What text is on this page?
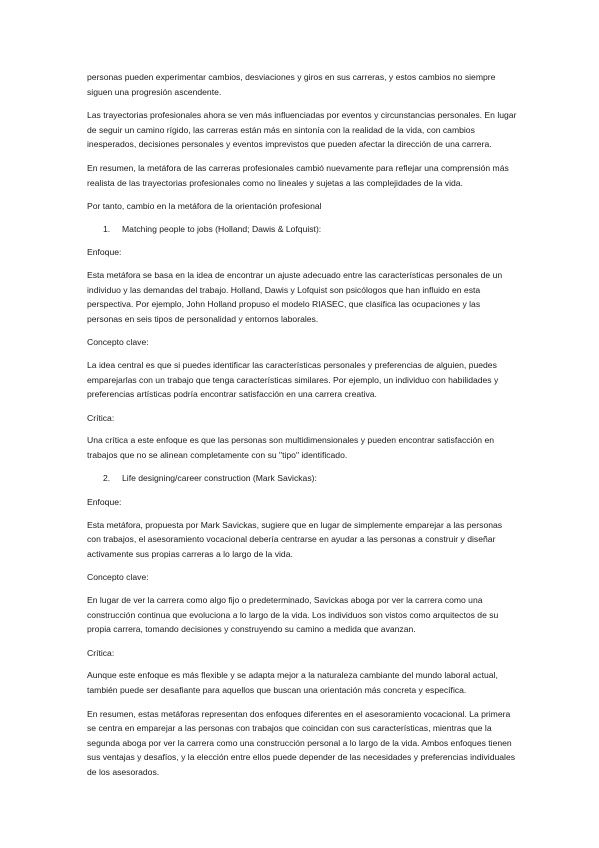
personas pueden experimentar cambios, desviaciones y giros en sus carreras, y estos cambios no siempre siguen una progresión ascendente.

Las trayectorias profesionales ahora se ven más influenciadas por eventos y circunstancias personales. En lugar de seguir un camino rígido, las carreras están más en sintonía con la realidad de la vida, con cambios inesperados, decisiones personales y eventos imprevistos que pueden afectar la dirección de una carrera.

En resumen, la metáfora de las carreras profesionales cambió nuevamente para reflejar una comprensión más realista de las trayectorias profesionales como no lineales y sujetas a las complejidades de la vida.

Por tanto, cambio en la metáfora de la orientación profesional

1. Matching people to jobs (Holland; Dawis & Lofquist):

Enfoque:

Esta metáfora se basa en la idea de encontrar un ajuste adecuado entre las características personales de un individuo y las demandas del trabajo. Holland, Dawis y Lofquist son psicólogos que han influido en esta perspectiva. Por ejemplo, John Holland propuso el modelo RIASEC, que clasifica las ocupaciones y las personas en seis tipos de personalidad y entornos laborales.

Concepto clave:

La idea central es que si puedes identificar las características personales y preferencias de alguien, puedes emparejarlas con un trabajo que tenga características similares. Por ejemplo, un individuo con habilidades y preferencias artísticas podría encontrar satisfacción en una carrera creativa.

Crítica:

Una crítica a este enfoque es que las personas son multidimensionales y pueden encontrar satisfacción en trabajos que no se alinean completamente con su "tipo" identificado.

2. Life designing/career construction (Mark Savickas):

Enfoque:

Esta metáfora, propuesta por Mark Savickas, sugiere que en lugar de simplemente emparejar a las personas con trabajos, el asesoramiento vocacional debería centrarse en ayudar a las personas a construir y diseñar activamente sus propias carreras a lo largo de la vida.

Concepto clave:

En lugar de ver la carrera como algo fijo o predeterminado, Savickas aboga por ver la carrera como una construcción continua que evoluciona a lo largo de la vida. Los individuos son vistos como arquitectos de su propia carrera, tomando decisiones y construyendo su camino a medida que avanzan.

Crítica:

Aunque este enfoque es más flexible y se adapta mejor a la naturaleza cambiante del mundo laboral actual, también puede ser desafiante para aquellos que buscan una orientación más concreta y específica.

En resumen, estas metáforas representan dos enfoques diferentes en el asesoramiento vocacional. La primera se centra en emparejar a las personas con trabajos que coincidan con sus características, mientras que la segunda aboga por ver la carrera como una construcción personal a lo largo de la vida. Ambos enfoques tienen sus ventajas y desafíos, y la elección entre ellos puede depender de las necesidades y preferencias individuales de los asesorados.
